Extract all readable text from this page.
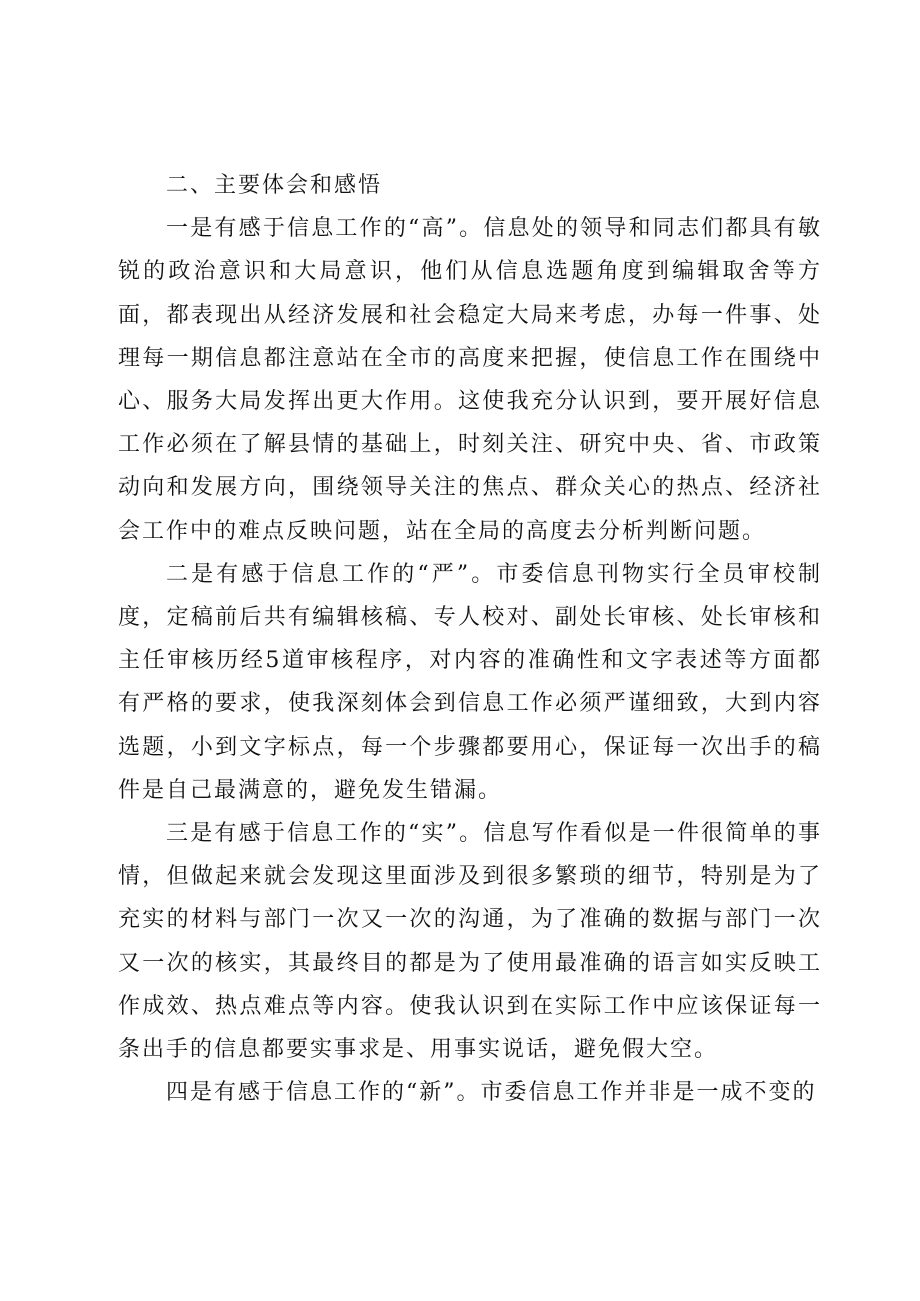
二、主要体会和感悟

一是有感于信息工作的“高”。信息处的领导和同志们都具有敏锐的政治意识和大局意识，他们从信息选题角度到编辑取舍等方面，都表现出从经济发展和社会稳定大局来考虑，办每一件事、处理每一期信息都注意站在全市的高度来把握，使信息工作在围绕中心、服务大局发挥出更大作用。这使我充分认识到，要开展好信息工作必须在了解县情的基础上，时刻关注、研究中央、省、市政策动向和发展方向，围绕领导关注的焦点、群众关心的热点、经济社会工作中的难点反映问题，站在全局的高度去分析判断问题。

二是有感于信息工作的“严”。市委信息刊物实行全员审校制度，定稿前后共有编辑核稿、专人校对、副处长审核、处长审核和主任审核历经5道审核程序，对内容的准确性和文字表述等方面都有严格的要求，使我深刻体会到信息工作必须严谨细致，大到内容选题，小到文字标点，每一个步骤都要用心，保证每一次出手的稿件是自己最满意的，避免发生错漏。

三是有感于信息工作的“实”。信息写作看似是一件很简单的事情，但做起来就会发现这里面涉及到很多繁琐的细节，特别是为了充实的材料与部门一次又一次的沟通，为了准确的数据与部门一次又一次的核实，其最终目的都是为了使用最准确的语言如实反映工作成效、热点难点等内容。使我认识到在实际工作中应该保证每一条出手的信息都要实事求是、用事实说话，避免假大空。

四是有感于信息工作的“新”。市委信息工作并非是一成不变的
